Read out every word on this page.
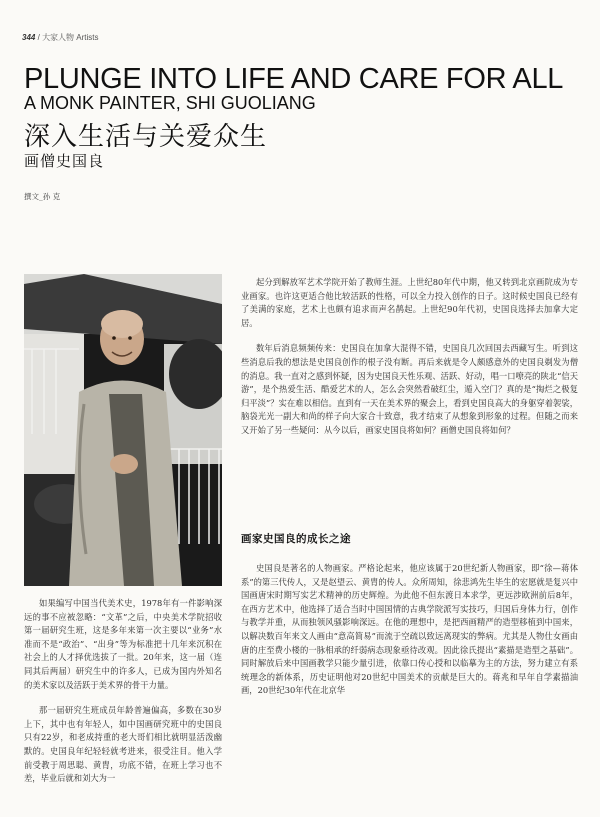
344 / 大家人物 Artists
PLUNGE INTO LIFE AND CARE FOR ALL
A MONK PAINTER, SHI GUOLIANG
深入生活与关爱众生
画僧史国良
撰文_孙 克

如果编写中国当代美术史，1978年有一件影响深远的事不应被忽略：“文革”之后，中央美术学院招收第一届研究生班，这是多年来第一次主要以“业务”水准而不是“政治”、“出身”等为标准把十几年来沉积在社会上的人才择优选拔了一批。20年来，这一届（连同其后两届）研究生中的许多人，已成为国内外知名的美术家以及活跃于美术界的骨干力量。

那一届研究生班成员年龄普遍偏高，多数在30岁上下，其中也有年轻人，如中国画研究班中的史国良只有22岁，和老成持重的老大哥们相比就明显活泼幽默的。史国良年纪轻轻就考进来，很受注目。他入学前受教于周思聪、黄胄，功底不错，在班上学习也不差，毕业后就和刘大为一

起分到解放军艺术学院开始了教师生涯。上世纪80年代中期，他又转到北京画院成为专业画家。也许这更适合他比较活跃的性格，可以全力投入创作的日子。这时候史国良已经有了美满的家庭，艺术上也颇有追求而声名鹊起。上世纪90年代初，史国良选择去加拿大定居。

数年后消息频频传来：史国良在加拿大混得不错，史国良几次回国去西藏写生。听到这些消息后我的想法是史国良创作的根子没有断。再后来就是令人颇感意外的史国良剃发为僧的消息。我一直对之感到怀疑，因为史国良天性乐观、活跃、好动，唱一口嘹亮的陕北“信天游”，是个热爱生活、酷爱艺术的人，怎么会突然看破红尘，遁入空门？真的是“掏烂之极复归平淡”？实在难以相信。直到有一天在美术界的聚会上，看到史国良高大的身躯穿着袈裟，脑袋光光一副大和尚的样子向大家合十致意，我才结束了从想象到形象的过程。但随之而来又开始了另一些疑问：从今以后，画家史国良将如何？画僧史国良将如何？

画家史国良的成长之途

史国良是著名的人物画家。严格论起来，他应该属于20世纪新人物画家，即“徐—蒋体系”的第三代传人，又是赵望云、黄胄的传人。众所周知，徐悲鸿先生毕生的宏愿就是复兴中国画唐宋时期写实艺术精神的历史辉煌。为此他不但东渡日本求学，更远涉欧洲前后8年，在西方艺术中，他选择了适合当时中国国情的古典学院派写实技巧，归国后身体力行，创作与教学并重，从而独领风骚影响深远。在他的理想中，是把西画精严的造型移植到中国来，以解决数百年来文人画由“意高简易”而流于空疏以致远离现实的弊病。尤其是人物仕女画由唐的庄至费小楼的一脉相承的纤弱病态现象亟待改观。因此徐氏提出“素描是造型之基础”。同时解放后来中国画教学只能少量引进，依靠口传心授和以临摹为主的方法，努力建立有系统理念的新体系，历史证明他对20世纪中国美术的贡献是巨大的。蒋兆和早年自学素描油画，20世纪30年代在北京华
